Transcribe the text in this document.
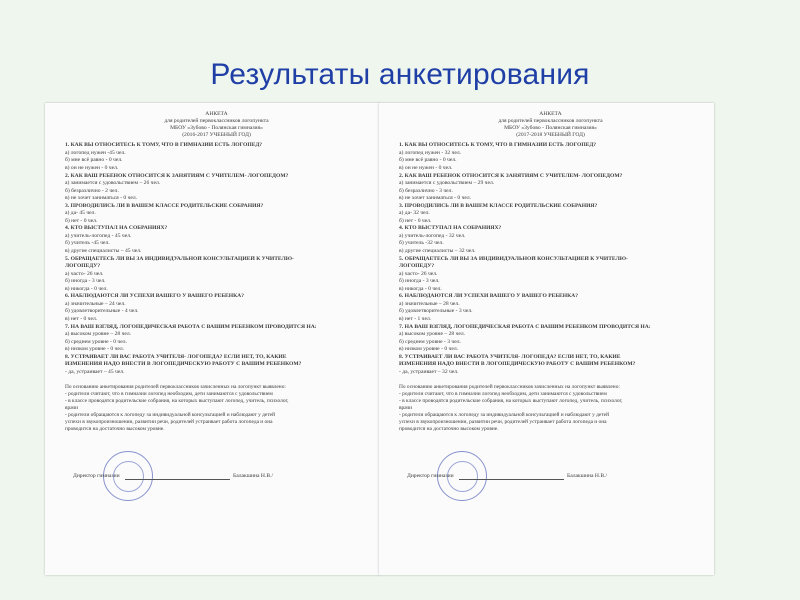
Результаты анкетирования
АНКЕТА
для родителей первоклассников логопункта
МБОУ «Зубово - Полянская гимназия»
(2016-2017 УЧЕБНЫЙ ГОД)
1. КАК ВЫ ОТНОСИТЕСЬ К ТОМУ, ЧТО В ГИМНАЗИИ ЕСТЬ ЛОГОПЕД?
а) логопед нужен -45 чел.
б) мне всё равно - 0 чел.
в) он не нужен - 0 чел.
2. КАК ВАШ РЕБЁНОК ОТНОСИТСЯ К ЗАНЯТИЯМ С УЧИТЕЛЕМ- ЛОГОПЕДОМ?
а) занимается с удовольствием – 26 чел.
б) безразлично - 2 чел.
в) не хочет заниматься - 0 чел.
3. ПРОВОДИЛИСЬ ЛИ В ВАШЕМ КЛАССЕ РОДИТЕЛЬСКИЕ СОБРАНИЯ?
а) да- 45 чел.
б) нет - 0 чел.
4. КТО ВЫСТУПАЛ НА СОБРАНИЯХ?
а) учитель-логопед - 45 чел.
б) учитель -45 чел.
в) другие специалисты – 45 чел.
5. ОБРАЩАЕТЕСЬ ЛИ ВЫ ЗА ИНДИВИДУАЛЬНОЙ КОНСУЛЬТАЦИЕЙ К УЧИТЕЛЮ-
ЛОГОПЕДУ?
а) часто- 26 чел.
б) иногда - 3 чел.
в) никогда - 0 чел.
6. НАБЛЮДАЮТСЯ ЛИ УСПЕХИ ВАШЕГО У ВАШЕГО РЕБЁНКА?
а) значительные – 24 чел.
б) удовлетворительные - 4 чел.
в) нет - 0 чел.
7. НА ВАШ ВЗГЛЯД, ЛОГОПЕДИЧЕСКАЯ РАБОТА С ВАШИМ РЕБЁНКОМ ПРОВОДИТСЯ НА:
а) высоком уровне – 28 чел.
б) среднем уровне - 0 чел.
в) низком уровне - 0 чел.
8. УСТРАИВАЕТ ЛИ ВАС РАБОТА УЧИТЕЛЯ- ЛОГОПЕДА? ЕСЛИ НЕТ, ТО, КАКИЕ
ИЗМЕНЕНИЯ НАДО ВНЕСТИ В ЛОГОПЕДИЧЕСКУЮ РАБОТУ С ВАШИМ РЕБЁНКОМ?
- да, устраивает – 45 чел.
По основанию анкетирования родителей первоклассников зачисленных на логопункт выявлено:
- родители считают, что в гимназии логопед необходим, дети занимаются с удовольствием
- в классе проводятся родительские собрания, на которых выступают логопед, учитель, психолог,
врачи
- родители обращаются к логопеду за индивидуальной консультацией и наблюдают у детей
успехи в звукопроизношении, развитии речи, родителей устраивает работа логопеда и она
проводится на достаточно высоком уровне.
Директор гимназии	Балакшина Н.В./
АНКЕТА
для родителей первоклассников логопункта
МБОУ «Зубово - Полянская гимназия»
(2017-2018 УЧЕБНЫЙ ГОД)
1. КАК ВЫ ОТНОСИТЕСЬ К ТОМУ, ЧТО В ГИМНАЗИИ ЕСТЬ ЛОГОПЕД?
а) логопед нужен - 32 чел.
б) мне всё равно - 0 чел.
в) он не нужен - 0 чел.
2. КАК ВАШ РЕБЁНОК ОТНОСИТСЯ К ЗАНЯТИЯМ С УЧИТЕЛЕМ- ЛОГОПЕДОМ?
а) занимается с удовольствием – 29 чел.
б) безразлично - 3 чел.
в) не хочет заниматься - 0 чел.
3. ПРОВОДИЛИСЬ ЛИ В ВАШЕМ КЛАССЕ РОДИТЕЛЬСКИЕ СОБРАНИЯ?
а) да- 32 чел.
б) нет - 0 чел.
4. КТО ВЫСТУПАЛ НА СОБРАНИЯХ?
а) учитель-логопед - 32 чел.
б) учитель -32 чел.
в) другие специалисты – 32 чел.
5. ОБРАЩАЕТЕСЬ ЛИ ВЫ ЗА ИНДИВИДУАЛЬНОЙ КОНСУЛЬТАЦИЕЙ К УЧИТЕЛЮ-
ЛОГОПЕДУ?
а) часто- 26 чел.
б) иногда - 3 чел.
в) никогда - 0 чел.
6. НАБЛЮДАЮТСЯ ЛИ УСПЕХИ ВАШЕГО У ВАШЕГО РЕБЁНКА?
а) значительные – 28 чел.
б) удовлетворительные - 3 чел.
в) нет - 1 чел.
7. НА ВАШ ВЗГЛЯД, ЛОГОПЕДИЧЕСКАЯ РАБОТА С ВАШИМ РЕБЁНКОМ ПРОВОДИТСЯ НА:
а) высоком уровне – 28 чел.
б) среднем уровне - 3 чел.
в) низком уровне - 0 чел.
8. УСТРАИВАЕТ ЛИ ВАС РАБОТА УЧИТЕЛЯ- ЛОГОПЕДА? ЕСЛИ НЕТ, ТО, КАКИЕ
ИЗМЕНЕНИЯ НАДО ВНЕСТИ В ЛОГОПЕДИЧЕСКУЮ РАБОТУ С ВАШИМ РЕБЁНКОМ?
- да, устраивает – 32 чел.
По основанию анкетирования родителей первоклассников зачисленных на логопункт выявлено:
- родители считают, что в гимназии логопед необходим, дети занимаются с удовольствием
- в классе проводятся родительские собрания, на которых выступают логопед, учитель, психолог,
врачи
- родители обращаются к логопеду за индивидуальной консультацией и наблюдают у детей
успехи в звукопроизношении, развитии речи, родителей устраивает работа логопеда и она
проводится на достаточно высоком уровне.
Директор гимназии	Балакшина Н.В./
